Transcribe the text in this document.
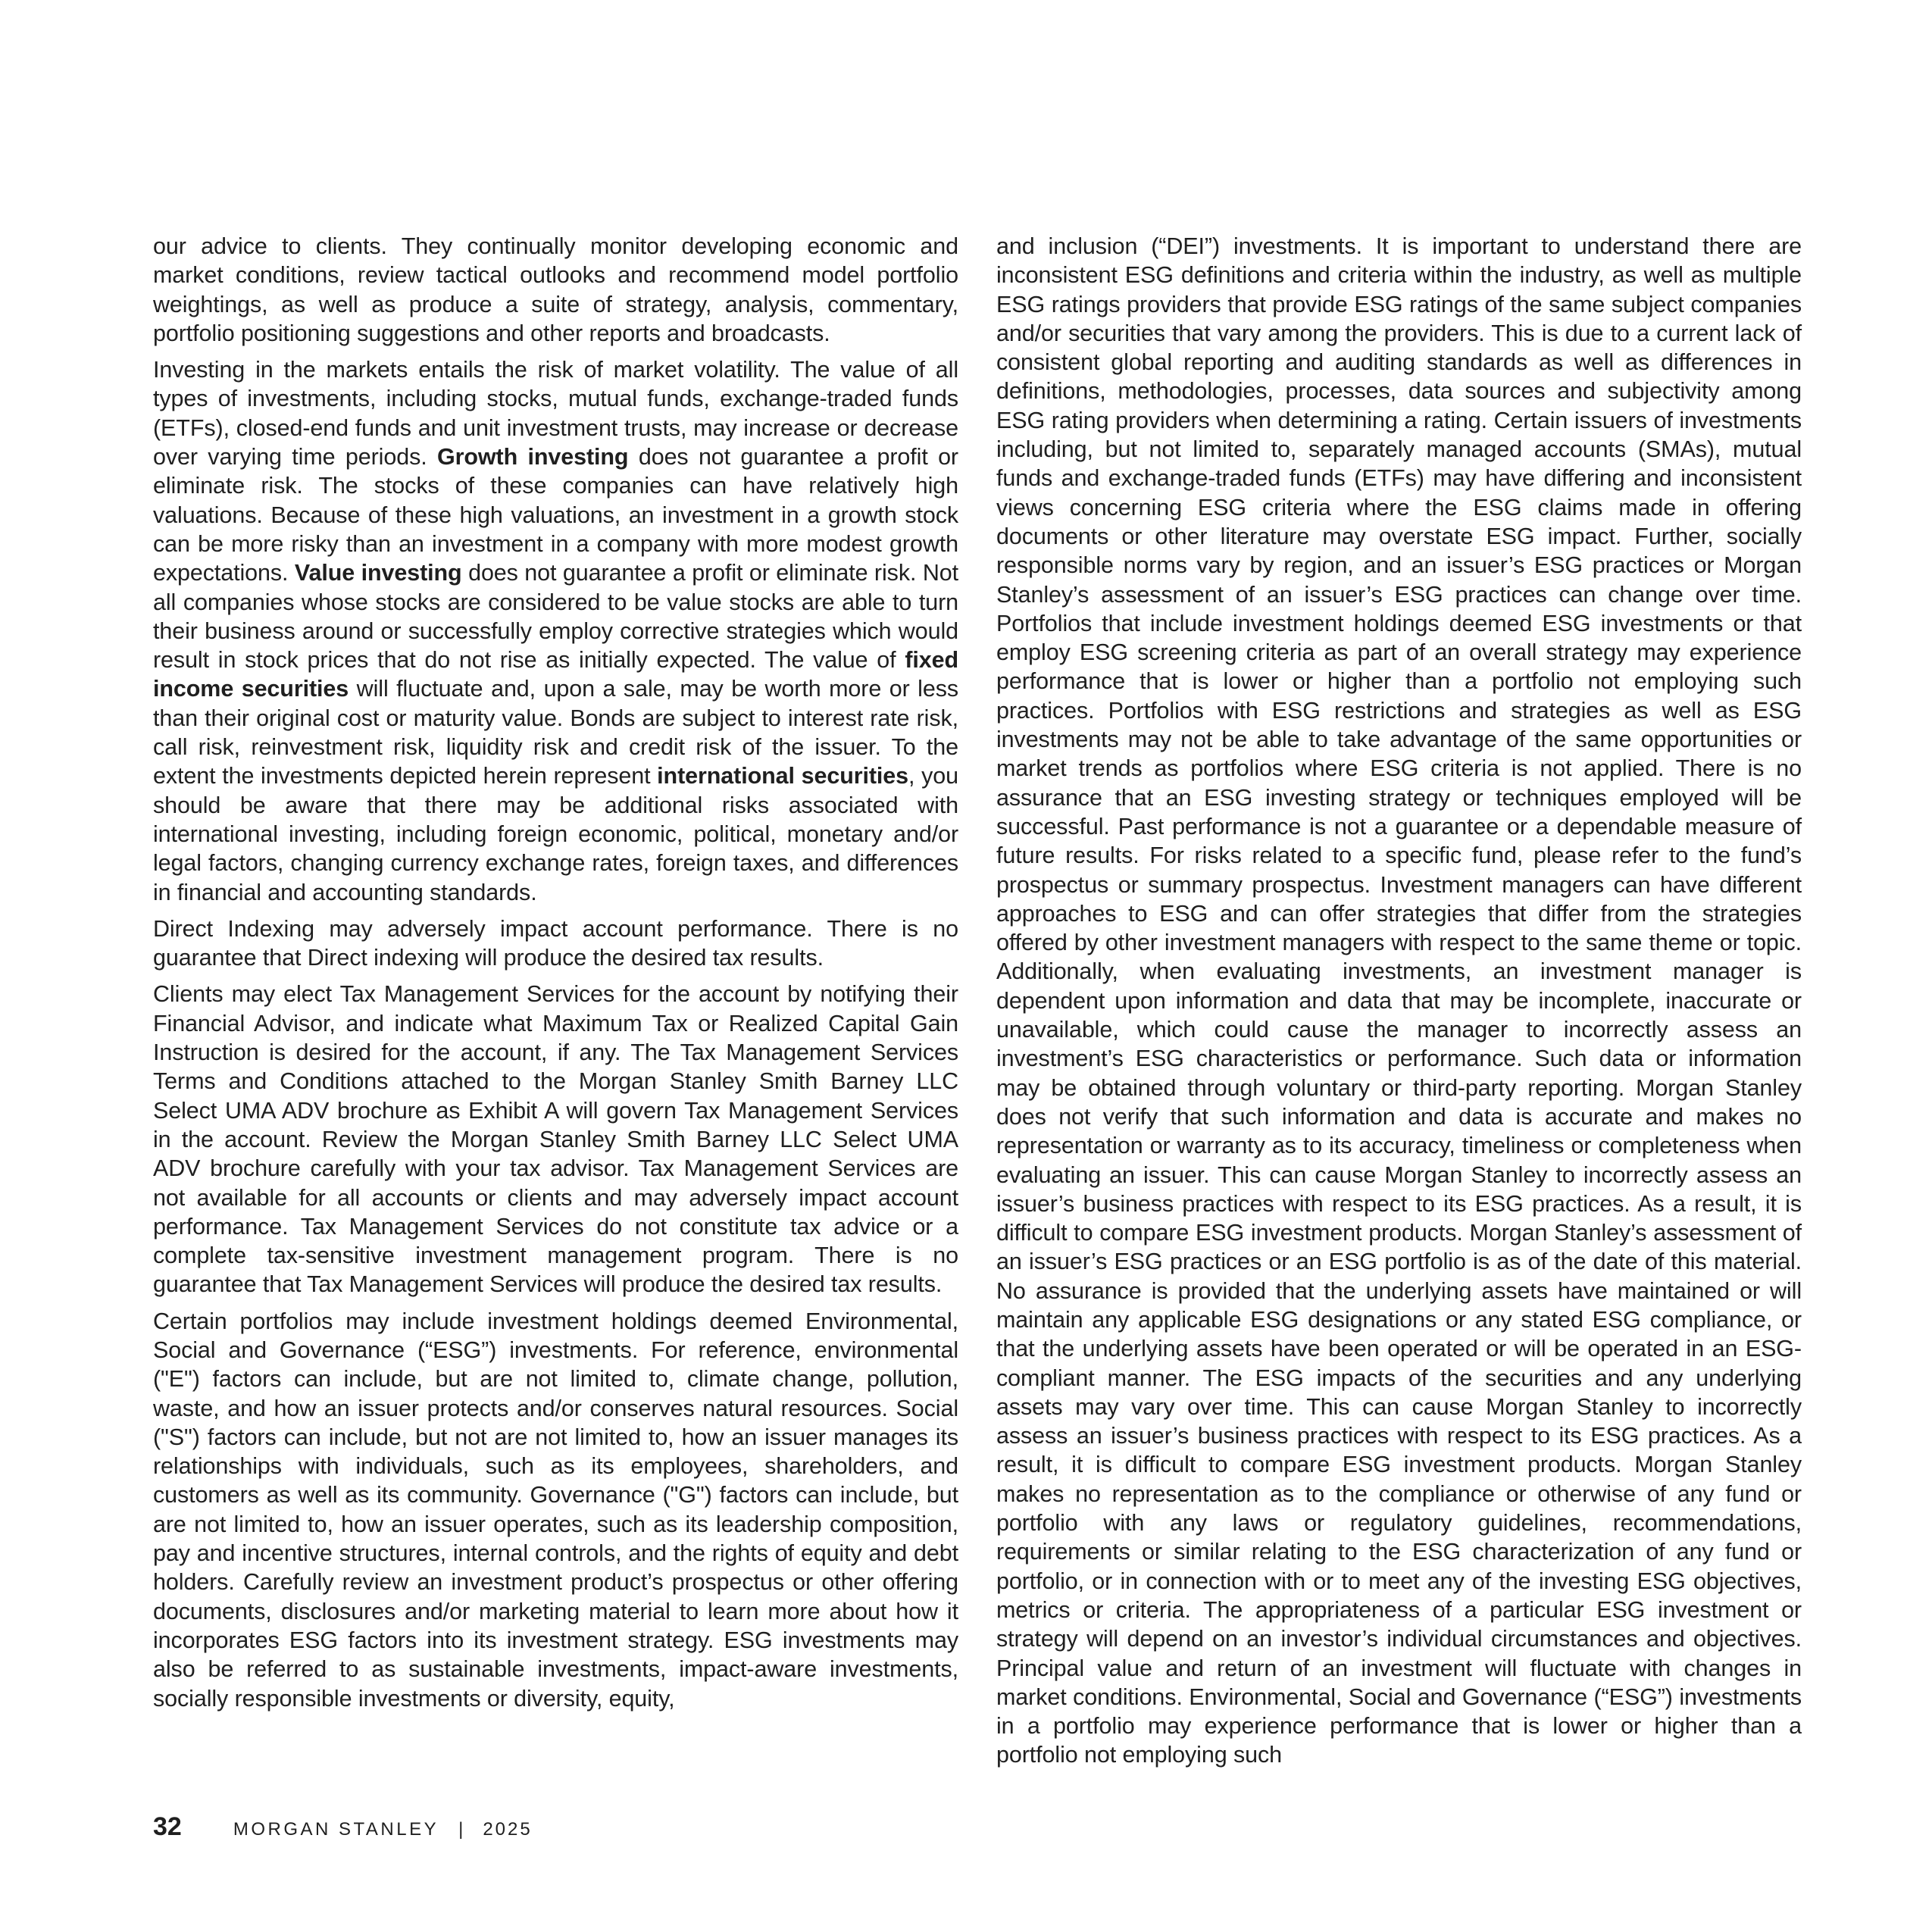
our advice to clients. They continually monitor developing economic and market conditions, review tactical outlooks and recommend model portfolio weightings, as well as produce a suite of strategy, analysis, commentary, portfolio positioning suggestions and other reports and broadcasts.

Investing in the markets entails the risk of market volatility. The value of all types of investments, including stocks, mutual funds, exchange-traded funds (ETFs), closed-end funds and unit investment trusts, may increase or decrease over varying time periods. Growth investing does not guarantee a profit or eliminate risk. The stocks of these companies can have relatively high valuations. Because of these high valuations, an investment in a growth stock can be more risky than an investment in a company with more modest growth expectations. Value investing does not guarantee a profit or eliminate risk. Not all companies whose stocks are considered to be value stocks are able to turn their business around or successfully employ corrective strategies which would result in stock prices that do not rise as initially expected. The value of fixed income securities will fluctuate and, upon a sale, may be worth more or less than their original cost or maturity value. Bonds are subject to interest rate risk, call risk, reinvestment risk, liquidity risk and credit risk of the issuer. To the extent the investments depicted herein represent international securities, you should be aware that there may be additional risks associated with international investing, including foreign economic, political, monetary and/or legal factors, changing currency exchange rates, foreign taxes, and differences in financial and accounting standards.

Direct Indexing may adversely impact account performance. There is no guarantee that Direct indexing will produce the desired tax results.

Clients may elect Tax Management Services for the account by notifying their Financial Advisor, and indicate what Maximum Tax or Realized Capital Gain Instruction is desired for the account, if any. The Tax Management Services Terms and Conditions attached to the Morgan Stanley Smith Barney LLC Select UMA ADV brochure as Exhibit A will govern Tax Management Services in the account. Review the Morgan Stanley Smith Barney LLC Select UMA ADV brochure carefully with your tax advisor. Tax Management Services are not available for all accounts or clients and may adversely impact account performance. Tax Management Services do not constitute tax advice or a complete tax-sensitive investment management program. There is no guarantee that Tax Management Services will produce the desired tax results.

Certain portfolios may include investment holdings deemed Environmental, Social and Governance (“ESG”) investments. For reference, environmental ("E") factors can include, but are not limited to, climate change, pollution, waste, and how an issuer protects and/or conserves natural resources. Social ("S") factors can include, but not are not limited to, how an issuer manages its relationships with individuals, such as its employees, shareholders, and customers as well as its community. Governance ("G") factors can include, but are not limited to, how an issuer operates, such as its leadership composition, pay and incentive structures, internal controls, and the rights of equity and debt holders. Carefully review an investment product’s prospectus or other offering documents, disclosures and/or marketing material to learn more about how it incorporates ESG factors into its investment strategy. ESG investments may also be referred to as sustainable investments, impact-aware investments, socially responsible investments or diversity, equity,

and inclusion (“DEI”) investments. It is important to understand there are inconsistent ESG definitions and criteria within the industry, as well as multiple ESG ratings providers that provide ESG ratings of the same subject companies and/or securities that vary among the providers. This is due to a current lack of consistent global reporting and auditing standards as well as differences in definitions, methodologies, processes, data sources and subjectivity among ESG rating providers when determining a rating. Certain issuers of investments including, but not limited to, separately managed accounts (SMAs), mutual funds and exchange-traded funds (ETFs) may have differing and inconsistent views concerning ESG criteria where the ESG claims made in offering documents or other literature may overstate ESG impact. Further, socially responsible norms vary by region, and an issuer’s ESG practices or Morgan Stanley’s assessment of an issuer’s ESG practices can change over time. Portfolios that include investment holdings deemed ESG investments or that employ ESG screening criteria as part of an overall strategy may experience performance that is lower or higher than a portfolio not employing such practices. Portfolios with ESG restrictions and strategies as well as ESG investments may not be able to take advantage of the same opportunities or market trends as portfolios where ESG criteria is not applied. There is no assurance that an ESG investing strategy or techniques employed will be successful. Past performance is not a guarantee or a dependable measure of future results. For risks related to a specific fund, please refer to the fund’s prospectus or summary prospectus. Investment managers can have different approaches to ESG and can offer strategies that differ from the strategies offered by other investment managers with respect to the same theme or topic. Additionally, when evaluating investments, an investment manager is dependent upon information and data that may be incomplete, inaccurate or unavailable, which could cause the manager to incorrectly assess an investment’s ESG characteristics or performance. Such data or information may be obtained through voluntary or third-party reporting. Morgan Stanley does not verify that such information and data is accurate and makes no representation or warranty as to its accuracy, timeliness or completeness when evaluating an issuer. This can cause Morgan Stanley to incorrectly assess an issuer’s business practices with respect to its ESG practices. As a result, it is difficult to compare ESG investment products. Morgan Stanley’s assessment of an issuer’s ESG practices or an ESG portfolio is as of the date of this material. No assurance is provided that the underlying assets have maintained or will maintain any applicable ESG designations or any stated ESG compliance, or that the underlying assets have been operated or will be operated in an ESG-compliant manner. The ESG impacts of the securities and any underlying assets may vary over time. This can cause Morgan Stanley to incorrectly assess an issuer’s business practices with respect to its ESG practices. As a result, it is difficult to compare ESG investment products. Morgan Stanley makes no representation as to the compliance or otherwise of any fund or portfolio with any laws or regulatory guidelines, recommendations, requirements or similar relating to the ESG characterization of any fund or portfolio, or in connection with or to meet any of the investing ESG objectives, metrics or criteria. The appropriateness of a particular ESG investment or strategy will depend on an investor’s individual circumstances and objectives. Principal value and return of an investment will fluctuate with changes in market conditions. Environmental, Social and Governance (“ESG”) investments in a portfolio may experience performance that is lower or higher than a portfolio not employing such

32	MORGAN STANLEY | 2025
